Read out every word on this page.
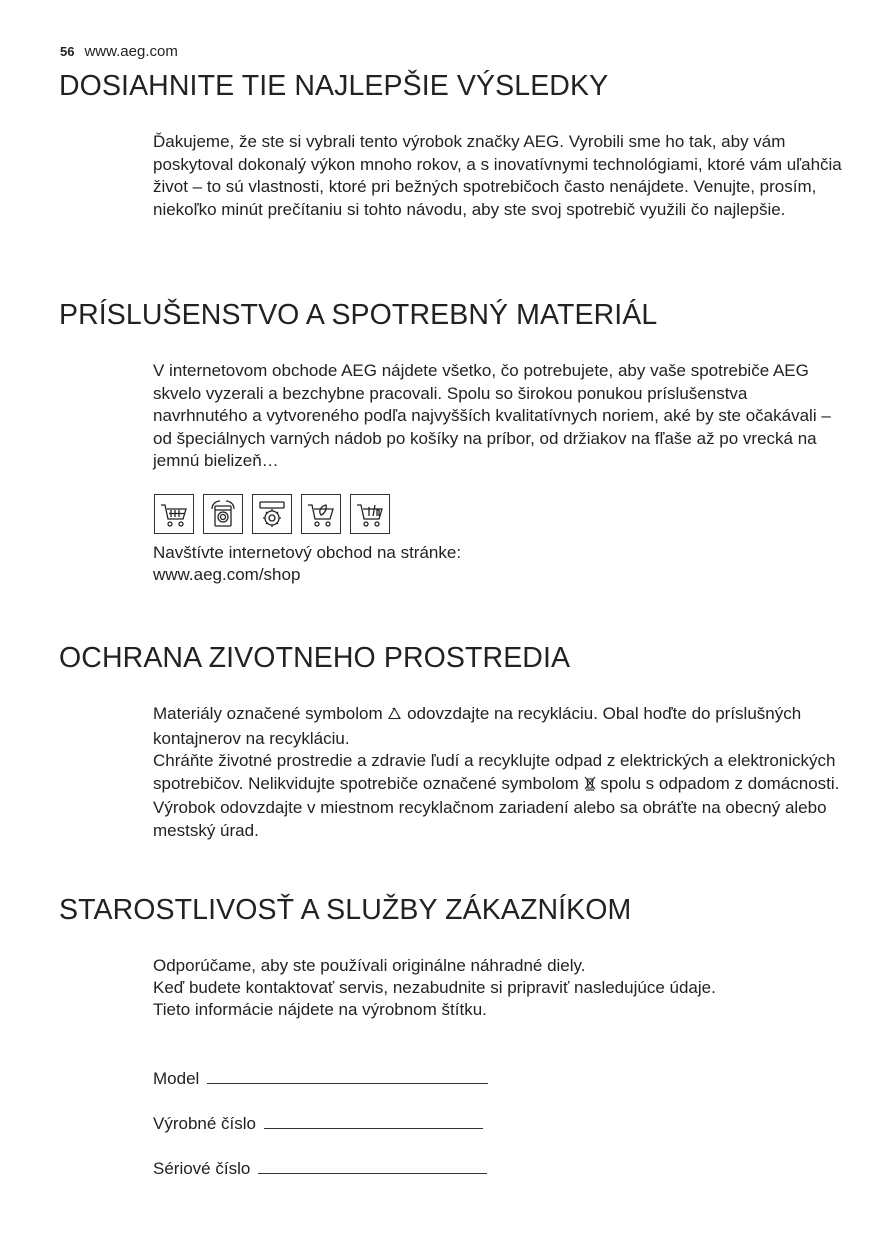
56 www.aeg.com
DOSIAHNITE TIE NAJLEPŠIE VÝSLEDKY

Ďakujeme, že ste si vybrali tento výrobok značky AEG. Vyrobili sme ho tak, aby vám poskytoval dokonalý výkon mnoho rokov, a s inovatívnymi technológiami, ktoré vám uľahčia život – to sú vlastnosti, ktoré pri bežných spotrebičoch často nenájdete. Venujte, prosím, niekoľko minút prečítaniu si tohto návodu, aby ste svoj spotrebič využili čo najlepšie.

PRÍSLUŠENSTVO A SPOTREBNÝ MATERIÁL

V internetovom obchode AEG nájdete všetko, čo potrebujete, aby vaše spotrebiče AEG skvelo vyzerali a bezchybne pracovali. Spolu so širokou ponukou príslušenstva navrhnutého a vytvoreného podľa najvyšších kvalitatívnych noriem, aké by ste očakávali – od špeciálnych varných nádob po košíky na príbor, od držiakov na fľaše až po vrecká na jemnú bielizeň…

Navštívte internetový obchod na stránke:

www.aeg.com/shop

OCHRANA ZIVOTNEHO PROSTREDIA

Materiály označené symbolom odovzdajte na recykláciu. Obal hoďte do príslušných kontajnerov na recykláciu.
Chráňte životné prostredie a zdravie ľudí a recyklujte odpad z elektrických a elektronických spotrebičov. Nelikvidujte spotrebiče označené symbolom spolu s odpadom z domácnosti. Výrobok odovzdajte v miestnom recyklačnom zariadení alebo sa obráťte na obecný alebo mestský úrad.

STAROSTLIVOSŤ A SLUŽBY ZÁKAZNÍKOM

Odporúčame, aby ste používali originálne náhradné diely.

Keď budete kontaktovať servis, nezabudnite si pripraviť nasledujúce údaje.

Tieto informácie nájdete na výrobnom štítku.

Model
Výrobné číslo
Sériové číslo
